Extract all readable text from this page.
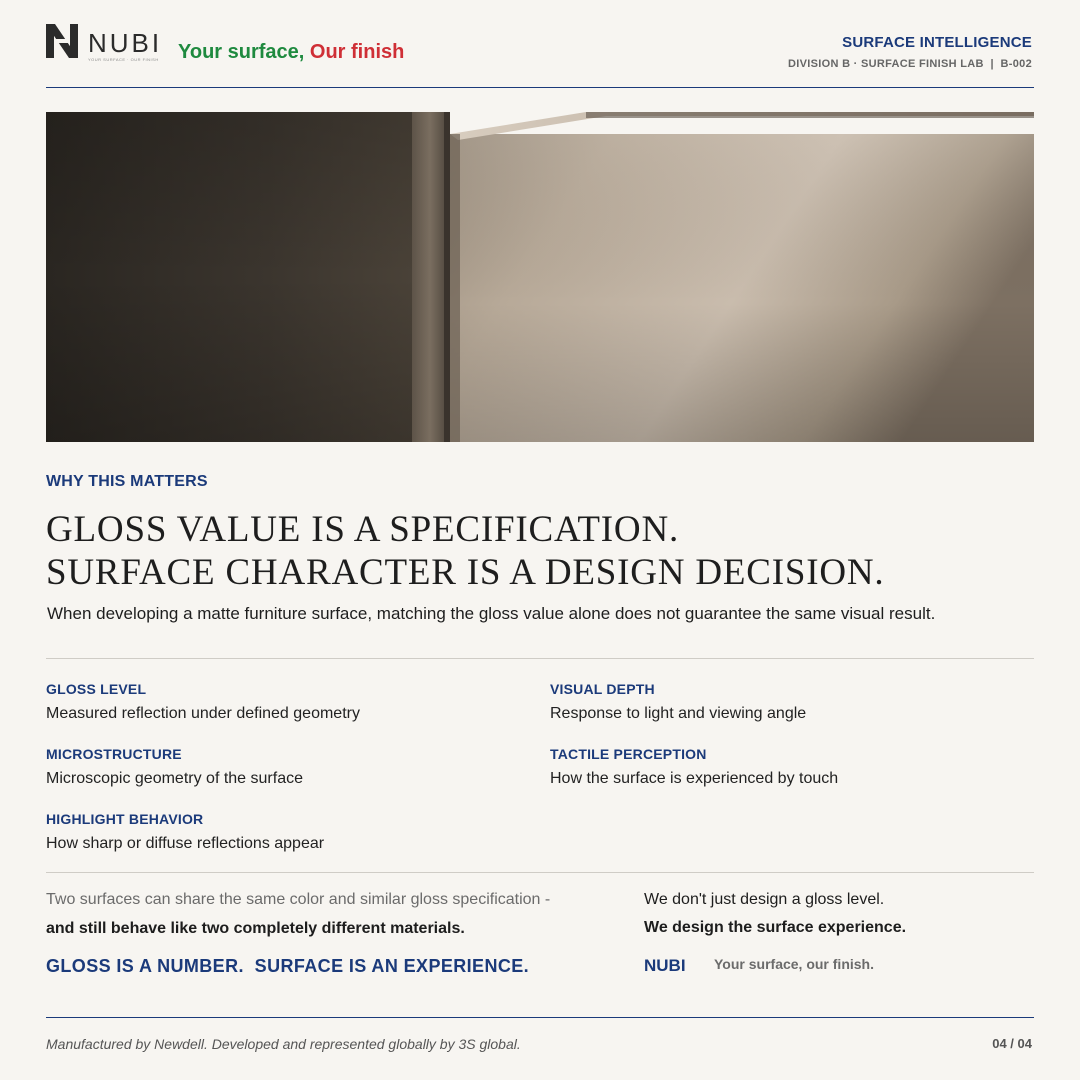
NUBI
YOUR SURFACE · OUR FINISH Your surface, Our finish	SURFACE INTELLIGENCE
DIVISION B · SURFACE FINISH LAB  |  B-002
WHY THIS MATTERS
GLOSS VALUE IS A SPECIFICATION.
SURFACE CHARACTER IS A DESIGN DECISION.
When developing a matte furniture surface, matching the gloss value alone does not guarantee the same visual result.
GLOSS LEVEL
Measured reflection under defined geometry
VISUAL DEPTH
Response to light and viewing angle
MICROSTRUCTURE
Microscopic geometry of the surface
TACTILE PERCEPTION
How the surface is experienced by touch
HIGHLIGHT BEHAVIOR
How sharp or diffuse reflections appear
Two surfaces can share the same color and similar gloss specification -
and still behave like two completely different materials.
GLOSS IS A NUMBER.  SURFACE IS AN EXPERIENCE.
We don't just design a gloss level.
We design the surface experience.
NUBI Your surface, our finish.
Manufactured by Newdell. Developed and represented globally by 3S global.	04 / 04
